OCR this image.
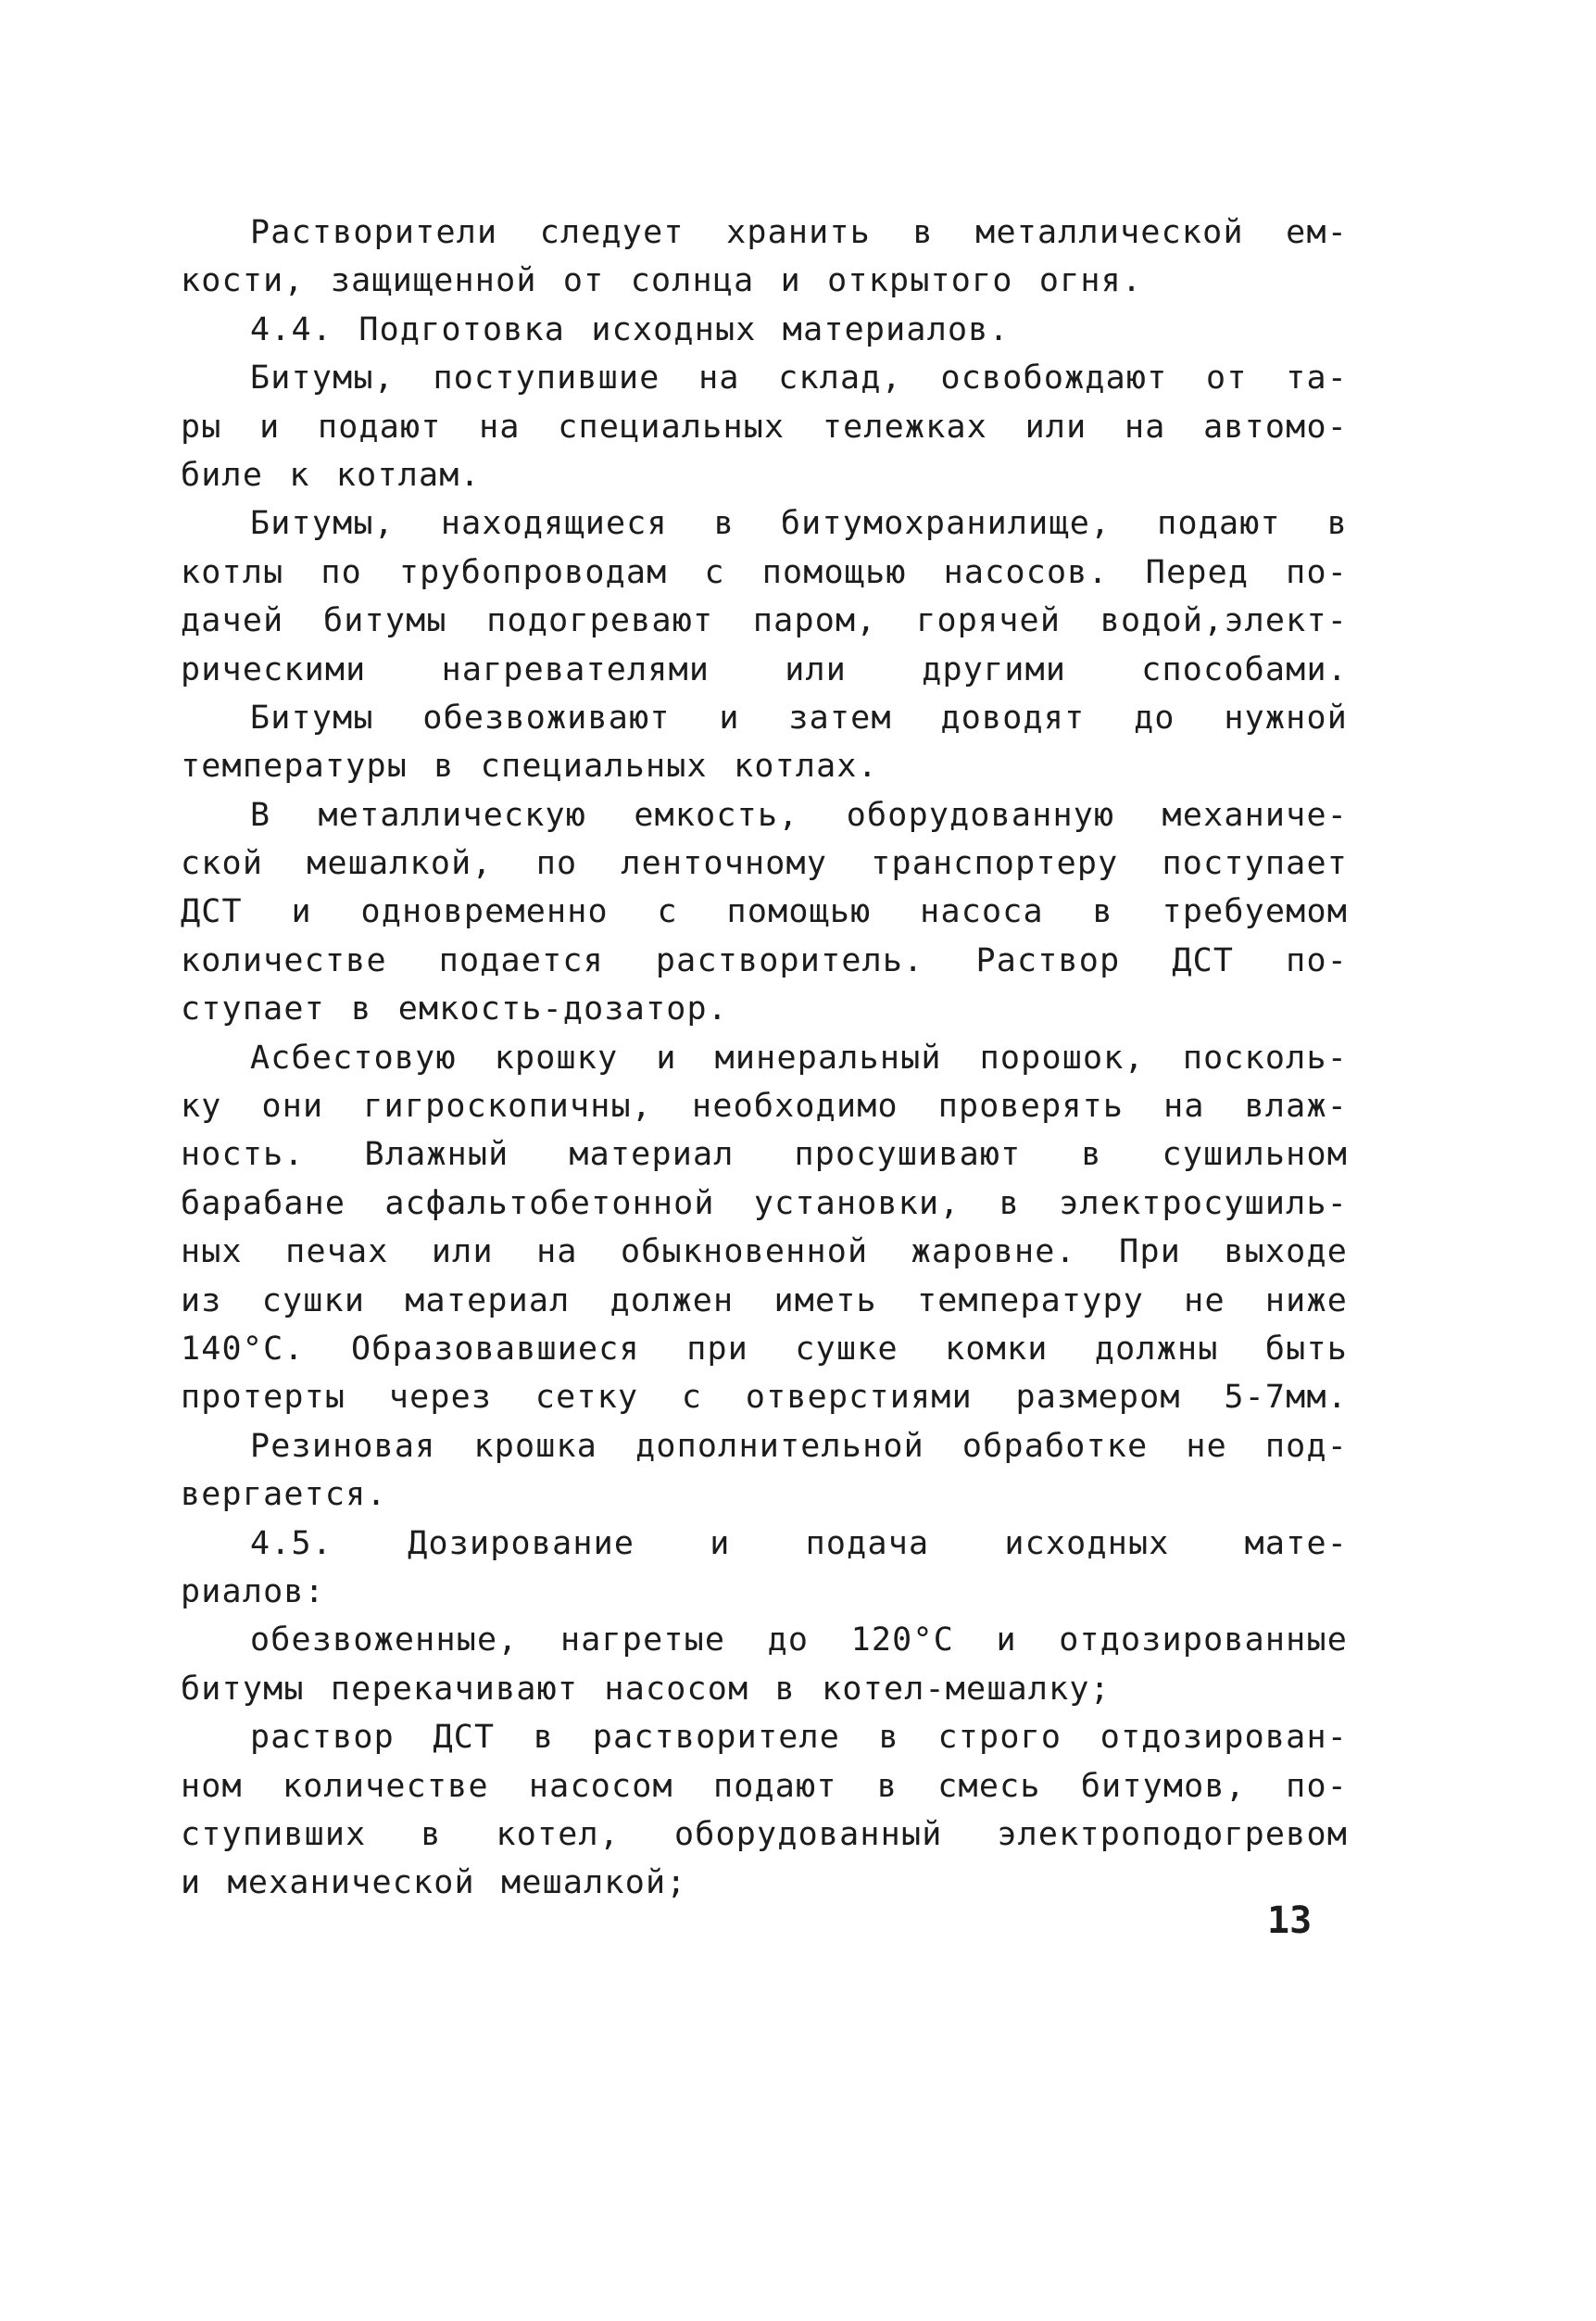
Растворители следует хранить в металлической ем-
кости, защищенной от солнца и открытого огня.
4.4. Подготовка исходных материалов.
Битумы, поступившие на склад, освобождают от та-
ры и подают на специальных тележках или на автомо-
биле к котлам.
Битумы, находящиеся в битумохранилище, подают в
котлы по трубопроводам с помощью насосов. Перед по-
дачей битумы подогревают паром, горячей водой,элект-
рическими нагревателями или другими способами.
Битумы обезвоживают и затем доводят до нужной
температуры в специальных котлах.
В металлическую емкость, оборудованную механиче-
ской мешалкой, по ленточному транспортеру поступает
ДСТ и одновременно с помощью насоса в требуемом
количестве подается растворитель. Раствор ДСТ по-
ступает в емкость-дозатор.
Асбестовую крошку и минеральный порошок, посколь-
ку они гигроскопичны, необходимо проверять на влаж-
ность. Влажный материал просушивают в сушильном
барабане асфальтобетонной установки, в электросушиль-
ных печах или на обыкновенной жаровне. При выходе
из сушки материал должен иметь температуру не ниже
140°С. Образовавшиеся при сушке комки должны быть
протерты через сетку с отверстиями размером 5-7мм.
Резиновая крошка дополнительной обработке не под-
вергается.
4.5. Дозирование и подача исходных мате-
риалов:
обезвоженные, нагретые до 120°С и отдозированные
битумы перекачивают насосом в котел-мешалку;
раствор ДСТ в растворителе в строго отдозирован-
ном количестве насосом подают в смесь битумов, по-
ступивших в котел, оборудованный электроподогревом
и механической мешалкой;
13
